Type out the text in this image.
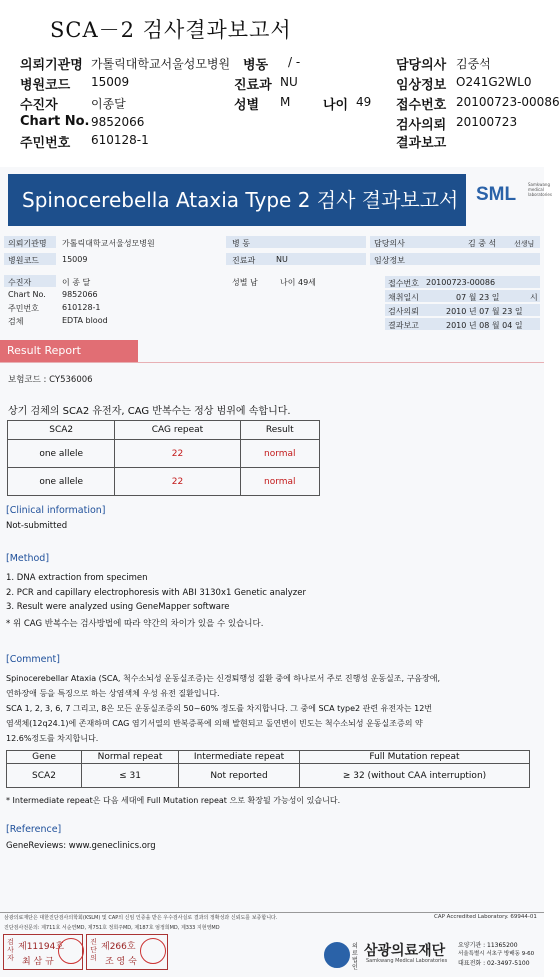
SCA－2 검사결과보고서
의뢰기관명 가톨릭대학교서울성모병원 병동 / -	담당의사 김중석
병원코드 15009	진료과 NU	임상정보 O241G2WL0
수진자	이종달	성별 M	나이 49 접수번호 20100723-00086
Chart No. 9852066	검사의뢰 20100723
주민번호 610128-1	결과보고
Spinocerebella Ataxia Type 2 검사 결과보고서 SML	Samkwang medical laboratories
의뢰기관명 가톨릭대학교서울성모병원	병 동	담당의사	김 중 석	선생님
병원코드	15009	진료과	NU	임상정보
수진자	이 종 달	성별 남	나이 49세	접수번호 20100723-00086
Chart No. 9852066	채취일시	07 월 23 일	시
주민번호	610128-1	검사의뢰	2010 년 07 월 23 일
검체	EDTA blood
결과보고	2010 년 08 월 04 일
Result Report
보험코드 : CY536006
상기 검체의 SCA2 유전자, CAG 반복수는 정상 범위에 속합니다.
SCA2	CAG repeat	Result
one allele	22	normal
one allele	22	normal
[Clinical information]
Not-submitted
[Method]
1. DNA extraction from specimen
2. PCR and capillary electrophoresis with ABI 3130x1 Genetic analyzer
3. Result were analyzed using GeneMapper software
* 위 CAG 반복수는 검사방법에 따라 약간의 차이가 있을 수 있습니다.
[Comment]
Spinocerebellar Ataxia (SCA, 척수소뇌성 운동실조증)는 신경퇴행성 질환 중에 하나로서 주로 진행성 운동실조, 구음장애,
연하장애 등을 특징으로 하는 상염색체 우성 유전 질환입니다.
SCA 1, 2, 3, 6, 7 그리고, 8은 모든 운동실조증의 50~60% 정도를 차지합니다. 그 중에 SCA type2 관련 유전자는 12번
염색체(12q24.1)에 존재하며 CAG 염기서열의 반복증폭에 의해 발현되고 돌연변이 빈도는 척수소뇌성 운동실조증의 약
12.6%정도를 차지합니다.
Gene	Normal repeat	Intermediate repeat	Full Mutation repeat
SCA2	≤ 31	Not reported	≥ 32 (without CAA interruption)
* Intermediate repeat은 다음 세대에 Full Mutation repeat 으로 확장될 가능성이 있습니다.
[Reference]
GeneReviews: www.geneclinics.org
삼광의료재단은 대한진단검사의학회(KSLM) 및 CAP의 신임 인증을 받은 우수검사실로 결과의 정확성과 신뢰도를 보증합니다.	CAP Accredited Laboratory. 69944-01
진단검사전문의: 제711호 서순연MD, 제751호 정희주MD, 제187호 엄정희MD, 제333 지현영MD
검사자
제11194호
최 삼 규
진단의
제266호
조 영 숙
의료법인
삼광의료재단
Samkwang Medical Laboratories
요양기관 : 11365200
서울특별시 서초구 방배동 9-60
대표전화 : 02-3497-5100
